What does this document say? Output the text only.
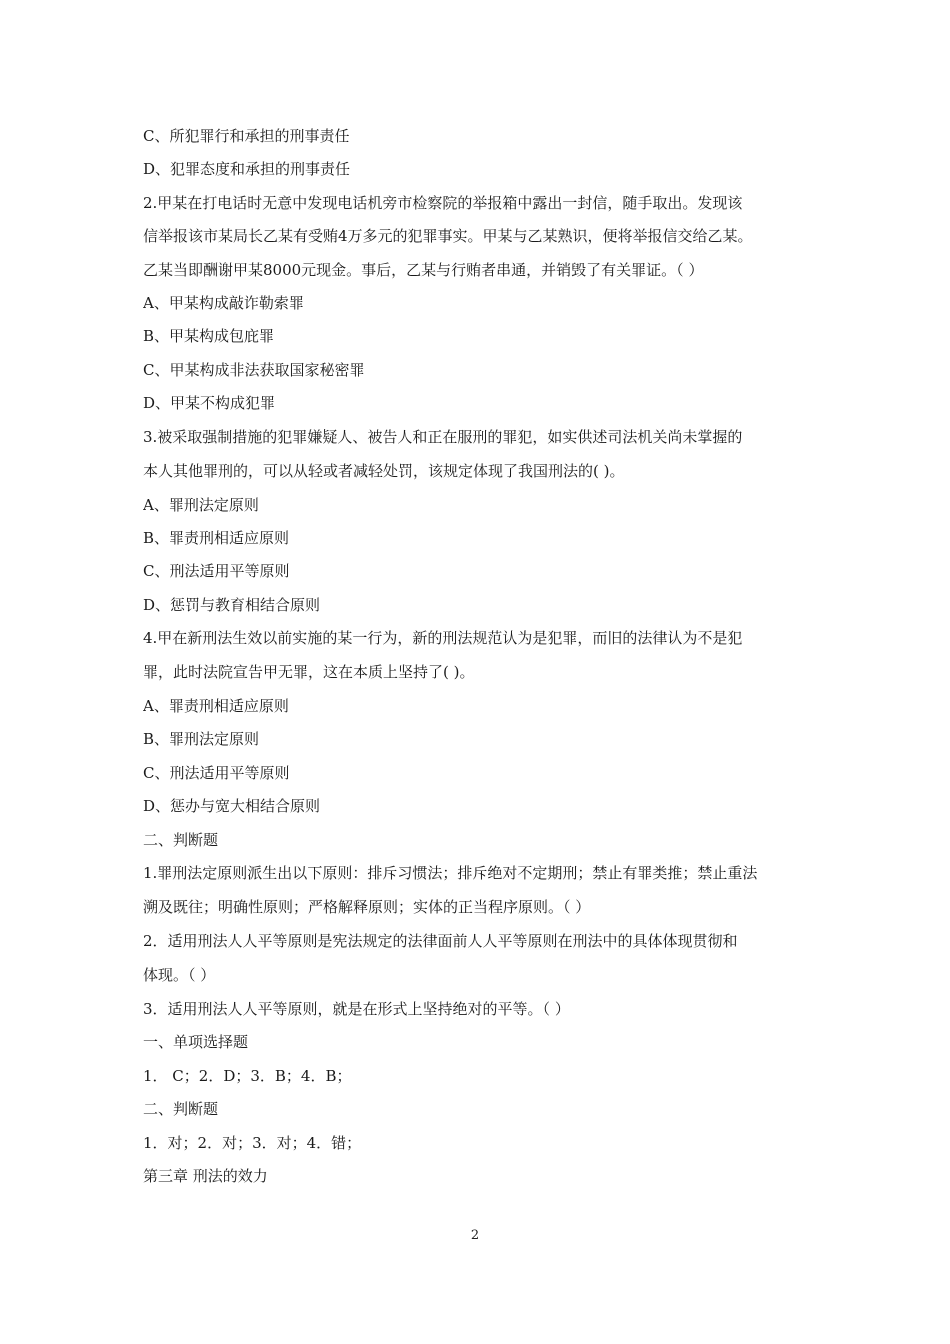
C、所犯罪行和承担的刑事责任
D、犯罪态度和承担的刑事责任
2.甲某在打电话时无意中发现电话机旁市检察院的举报箱中露出一封信，随手取出。发现该
信举报该市某局长乙某有受贿4万多元的犯罪事实。甲某与乙某熟识，便将举报信交给乙某。
乙某当即酬谢甲某8000元现金。事后，乙某与行贿者串通，并销毁了有关罪证。（ ）
A、甲某构成敲诈勒索罪
B、甲某构成包庇罪
C、甲某构成非法获取国家秘密罪
D、甲某不构成犯罪
3.被采取强制措施的犯罪嫌疑人、被告人和正在服刑的罪犯，如实供述司法机关尚未掌握的
本人其他罪刑的，可以从轻或者减轻处罚，该规定体现了我国刑法的( )。
A、罪刑法定原则
B、罪责刑相适应原则
C、刑法适用平等原则
D、惩罚与教育相结合原则
4.甲在新刑法生效以前实施的某一行为，新的刑法规范认为是犯罪，而旧的法律认为不是犯
罪，此时法院宣告甲无罪，这在本质上坚持了( )。
A、罪责刑相适应原则
B、罪刑法定原则
C、刑法适用平等原则
D、惩办与宽大相结合原则
二、判断题
1.罪刑法定原则派生出以下原则：排斥习惯法；排斥绝对不定期刑；禁止有罪类推；禁止重法
溯及既往；明确性原则；严格解释原则；实体的正当程序原则。（ ）
2．适用刑法人人平等原则是宪法规定的法律面前人人平等原则在刑法中的具体体现贯彻和
体现。（ ）
3．适用刑法人人平等原则，就是在形式上坚持绝对的平等。（ ）
一、单项选择题
1． C；2．D；3．B；4．B；
二、判断题
1．对；2．对；3．对；4．错；
第三章 刑法的效力
2
